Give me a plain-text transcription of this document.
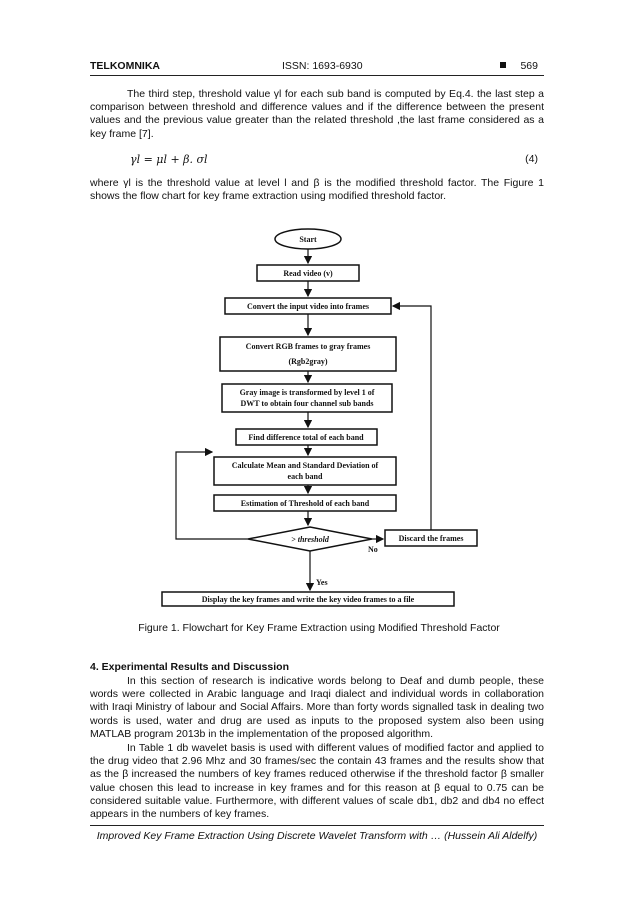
TELKOMNIKA	ISSN: 1693-6930	569

The third step, threshold value γl for each sub band is computed by Eq.4. the last step a comparison between threshold and difference values and if the difference between the present values and the previous value greater than the related threshold ,the last frame considered as a key frame [7].

γl = μl + β. σl	(4)

where γl is the threshold value at level l and β is the modified threshold factor. The Figure 1 shows the flow chart for key frame extraction using modified threshold factor.

Start
Read video (v)
Convert the input video into frames
Convert RGB frames to gray frames
(Rgb2gray)
Gray image is transformed by level 1 of
DWT to obtain four channel sub bands
Find difference total of each band
Calculate Mean and Standard Deviation of
each band
Estimation of Threshold of each band
> threshold	Discard the frames
No
Yes
Display the key frames and write the key video frames to a file
Figure 1. Flowchart for Key Frame Extraction using Modified Threshold Factor
4. Experimental Results and Discussion

In this section of research is indicative words belong to Deaf and dumb people, these words were collected in Arabic language and Iraqi dialect and individual words in collaboration with Iraqi Ministry of labour and Social Affairs. More than forty words signalled task in dealing two words is used, water and drug are used as inputs to the proposed system also been using MATLAB program 2013b in the implementation of the proposed algorithm.

In Table 1 db wavelet basis is used with different values of modified factor and applied to the drug video that 2.96 Mhz and 30 frames/sec the contain 43 frames and the results show that as the β increased the numbers of key frames reduced otherwise if the threshold factor β smaller value chosen this lead to increase in key frames and for this reason at β equal to 0.75 can be considered suitable value. Furthermore, with different values of scale db1, db2 and db4 no effect appears in the numbers of key frames.

Improved Key Frame Extraction Using Discrete Wavelet Transform with … (Hussein Ali Aldelfy)
